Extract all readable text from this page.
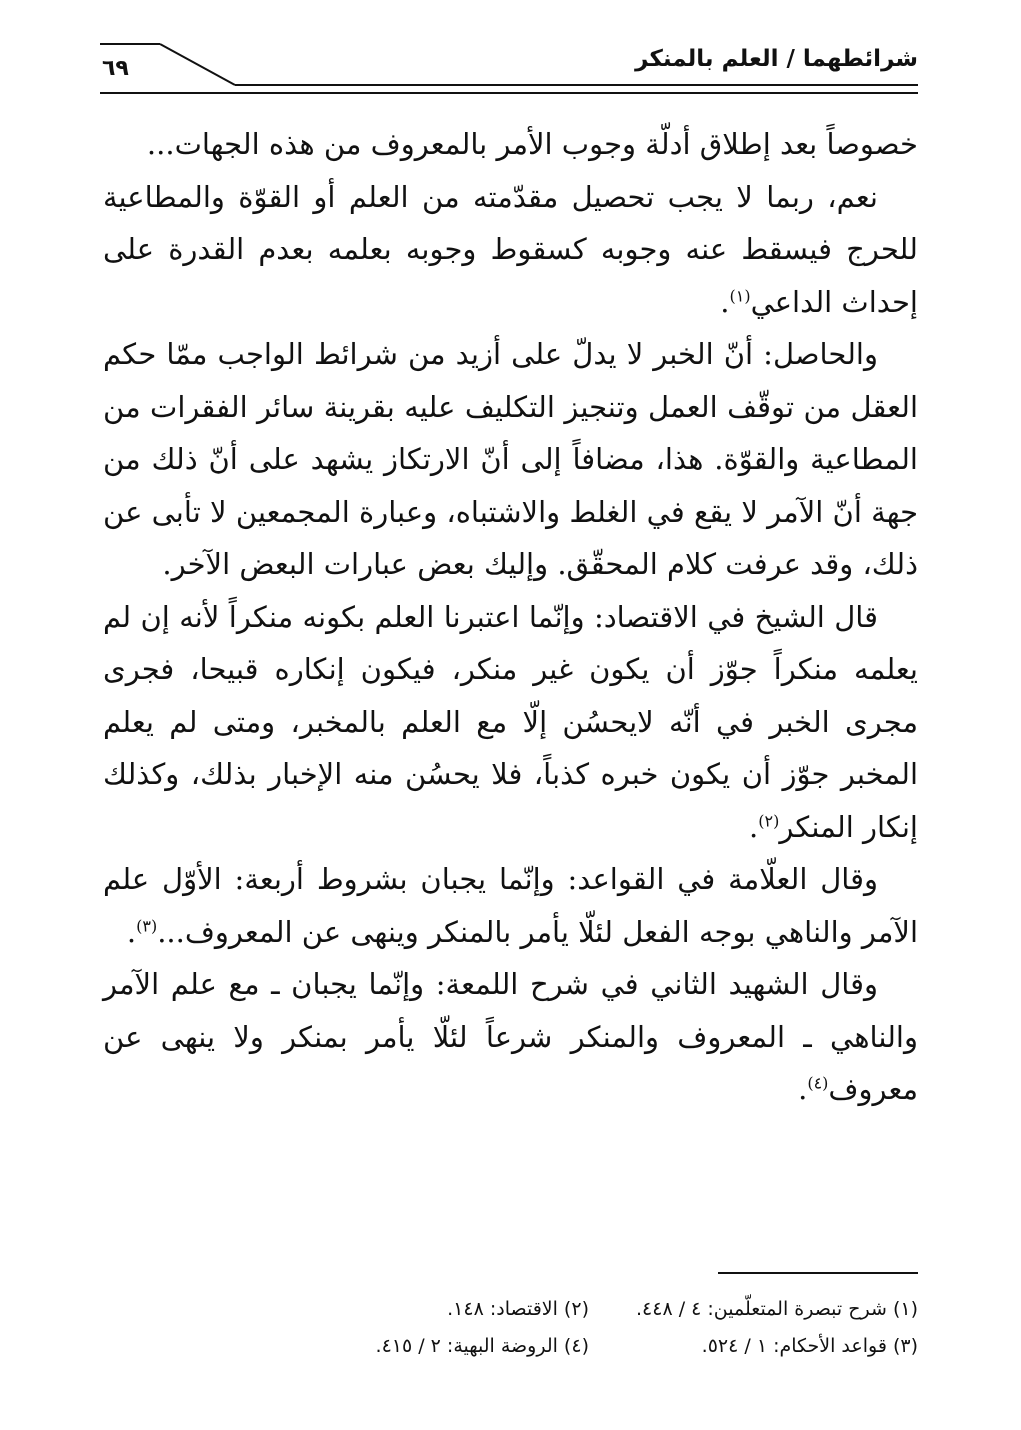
شرائطهما / العلم بالمنكر
٦٩

خصوصاً بعد إطلاق أدلّة وجوب الأمر بالمعروف من هذه الجهات...

نعم، ربما لا يجب تحصيل مقدّمته من العلم أو القوّة والمطاعية للحرج فيسقط عنه وجوبه كسقوط وجوبه بعلمه بعدم القدرة على إحداث الداعي$^{(١)}$.

والحاصل: أنّ الخبر لا يدلّ على أزيد من شرائط الواجب ممّا حكم العقل من توقّف العمل وتنجيز التكليف عليه بقرينة سائر الفقرات من المطاعية والقوّة. هذا، مضافاً إلى أنّ الارتكاز يشهد على أنّ ذلك من جهة أنّ الآمر لا يقع في الغلط والاشتباه، وعبارة المجمعين لا تأبى عن ذلك، وقد عرفت كلام المحقّق. وإليك بعض عبارات البعض الآخر.

قال الشيخ في الاقتصاد: وإنّما اعتبرنا العلم بكونه منكراً لأنه إن لم يعلمه منكراً جوّز أن يكون غير منكر، فيكون إنكاره قبيحا، فجرى مجرى الخبر في أنّه لايحسُن إلّا مع العلم بالمخبر، ومتى لم يعلم المخبر جوّز أن يكون خبره كذباً، فلا يحسُن منه الإخبار بذلك، وكذلك إنكار المنكر$^{(٢)}$.

وقال العلّامة في القواعد: وإنّما يجبان بشروط أربعة: الأوّل علم الآمر والناهي بوجه الفعل لئلّا يأمر بالمنكر وينهى عن المعروف...$^{(٣)}$.

وقال الشهيد الثاني في شرح اللمعة: وإنّما يجبان ـ مع علم الآمر والناهي ـ المعروف والمنكر شرعاً لئلّا يأمر بمنكر ولا ينهى عن معروف$^{(٤)}$.

(١) شرح تبصرة المتعلّمين: ٤ / ٤٤٨.
(٢) الاقتصاد: ١٤٨.
(٣) قواعد الأحكام: ١ / ٥٢٤.
(٤) الروضة البهية: ٢ / ٤١٥.
